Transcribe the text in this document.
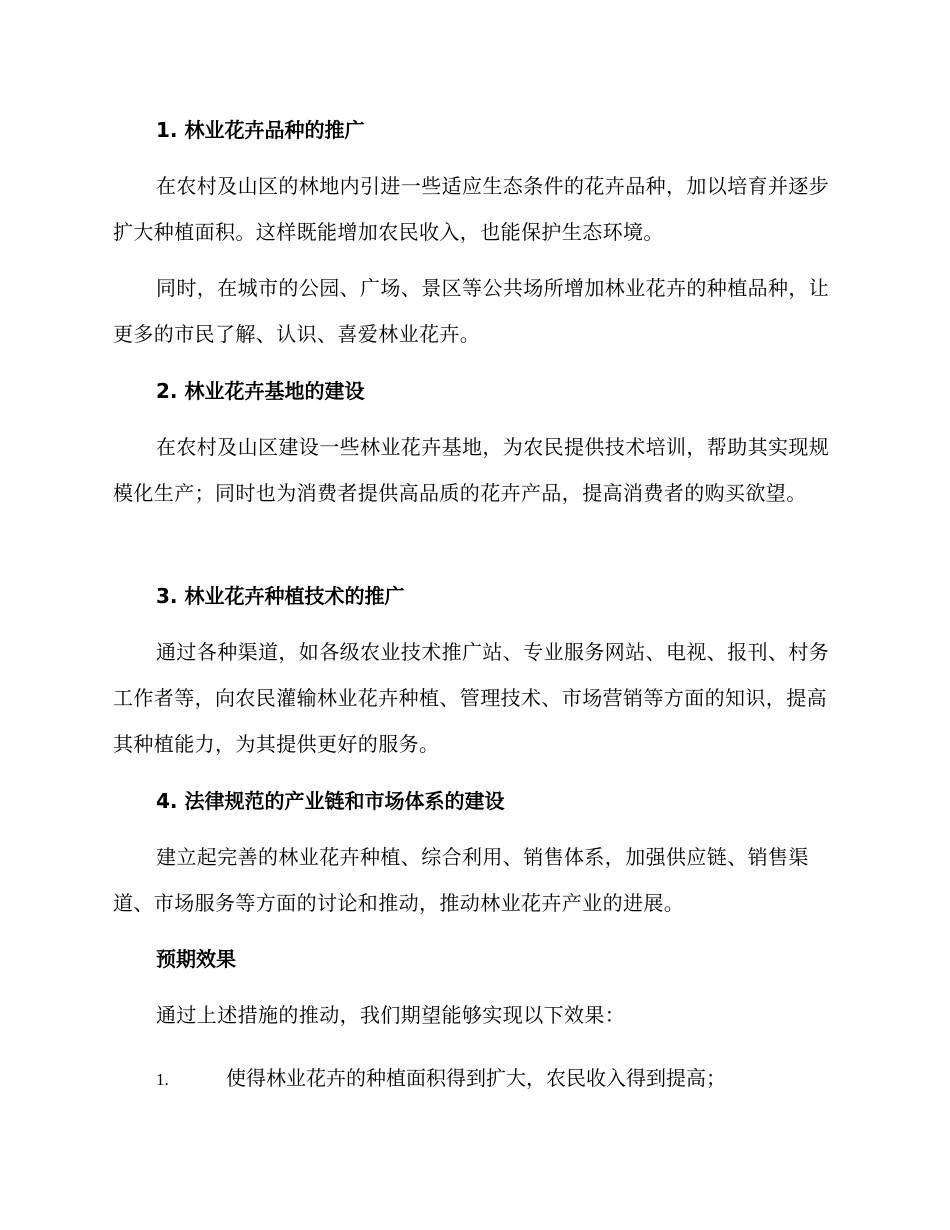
1. 林业花卉品种的推广
在农村及山区的林地内引进一些适应生态条件的花卉品种，加以培育并逐步扩大种植面积。这样既能增加农民收入，也能保护生态环境。
同时，在城市的公园、广场、景区等公共场所增加林业花卉的种植品种，让更多的市民了解、认识、喜爱林业花卉。
2. 林业花卉基地的建设
在农村及山区建设一些林业花卉基地，为农民提供技术培训，帮助其实现规模化生产；同时也为消费者提供高品质的花卉产品，提高消费者的购买欲望。
3. 林业花卉种植技术的推广
通过各种渠道，如各级农业技术推广站、专业服务网站、电视、报刊、村务工作者等，向农民灌输林业花卉种植、管理技术、市场营销等方面的知识，提高其种植能力，为其提供更好的服务。
4. 法律规范的产业链和市场体系的建设
建立起完善的林业花卉种植、综合利用、销售体系，加强供应链、销售渠道、市场服务等方面的讨论和推动，推动林业花卉产业的进展。
预期效果
通过上述措施的推动，我们期望能够实现以下效果：
1.	使得林业花卉的种植面积得到扩大，农民收入得到提高；
